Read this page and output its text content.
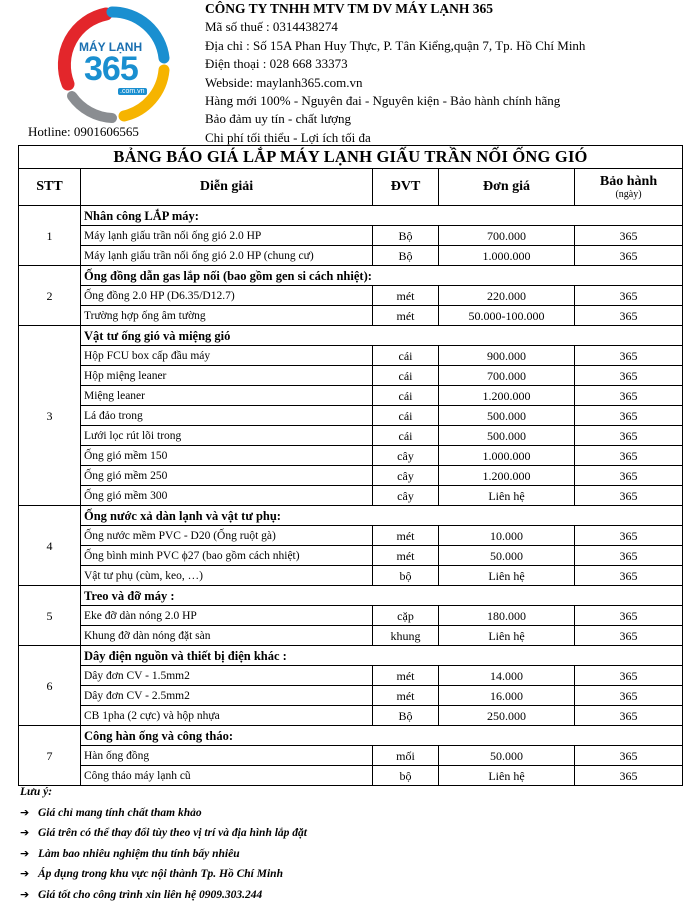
MÁY LẠNH
365
.com.vn
Hotline: 0901606565
CÔNG TY TNHH MTV TM DV MÁY LẠNH 365
Mã số thuế : 0314438274
Địa chỉ : Số 15A Phan Huy Thực, P. Tân Kiểng,quận 7, Tp. Hồ Chí Minh
Điện thoại : 028 668 33373
Webside: maylanh365.com.vn
Hàng mới 100% - Nguyên đai - Nguyên kiện - Bảo hành chính hãng
Bảo đảm uy tín - chất lượng
Chi phí tối thiểu - Lợi ích tối đa
BẢNG BÁO GIÁ LẮP MÁY LẠNH GIẤU TRẦN NỐI ỐNG GIÓ				
STT	Diễn giải	ĐVT	Đơn giá	Bảo hành
(ngày)

1	Nhân công LẮP máy:			
	Máy lạnh giấu trần nối ống gió 2.0 HP	Bộ	700.000	365
	Máy lạnh giấu trần nối ống gió 2.0 HP (chung cư)	Bộ	1.000.000	365
2	Ống đồng dẫn gas lắp nối (bao gồm gen si cách nhiệt):			
	Ống đồng 2.0 HP (D6.35/D12.7)	mét	220.000	365
	Trường hợp ống âm tường	mét	50.000-100.000	365
3	Vật tư ống gió và miệng gió			
	Hộp FCU box cấp đầu máy	cái	900.000	365
	Hộp miệng leaner	cái	700.000	365
	Miệng leaner	cái	1.200.000	365
	Lá đảo trong	cái	500.000	365
	Lưới lọc rút lõi trong	cái	500.000	365
	Ống gió mềm 150	cây	1.000.000	365
	Ống gió mềm 250	cây	1.200.000	365
	Ống gió mềm 300	cây	Liên hệ	365
4	Ống nước xả dàn lạnh và vật tư phụ:			
	Ống nước mềm PVC - D20 (Ống ruột gà)	mét	10.000	365
	Ống bình minh PVC ϕ27 (bao gồm cách nhiệt)	mét	50.000	365
	Vật tư phụ (cùm, keo, …)	bộ	Liên hệ	365
5	Treo và đỡ máy :			
	Eke đỡ dàn nóng 2.0 HP	cặp	180.000	365
	Khung đỡ dàn nóng đặt sàn	khung	Liên hệ	365
6	Dây điện nguồn và thiết bị điện khác :			
	Dây đơn CV - 1.5mm2	mét	14.000	365
	Dây đơn CV - 2.5mm2	mét	16.000	365
	CB 1pha (2 cực) và hộp nhựa	Bộ	250.000	365
7	Công hàn ống và công tháo:			
	Hàn ống đồng	mối	50.000	365
	Công tháo máy lạnh cũ	bộ	Liên hệ	365
Lưu ý:
➔ Giá chỉ mang tính chất tham khảo
➔ Giá trên có thể thay đổi tùy theo vị trí và địa hình lắp đặt
➔ Làm bao nhiêu nghiệm thu tính bấy nhiêu
➔ Áp dụng trong khu vực nội thành Tp. Hồ Chí Minh
➔ Giá tốt cho công trình xin liên hệ 0909.303.244
